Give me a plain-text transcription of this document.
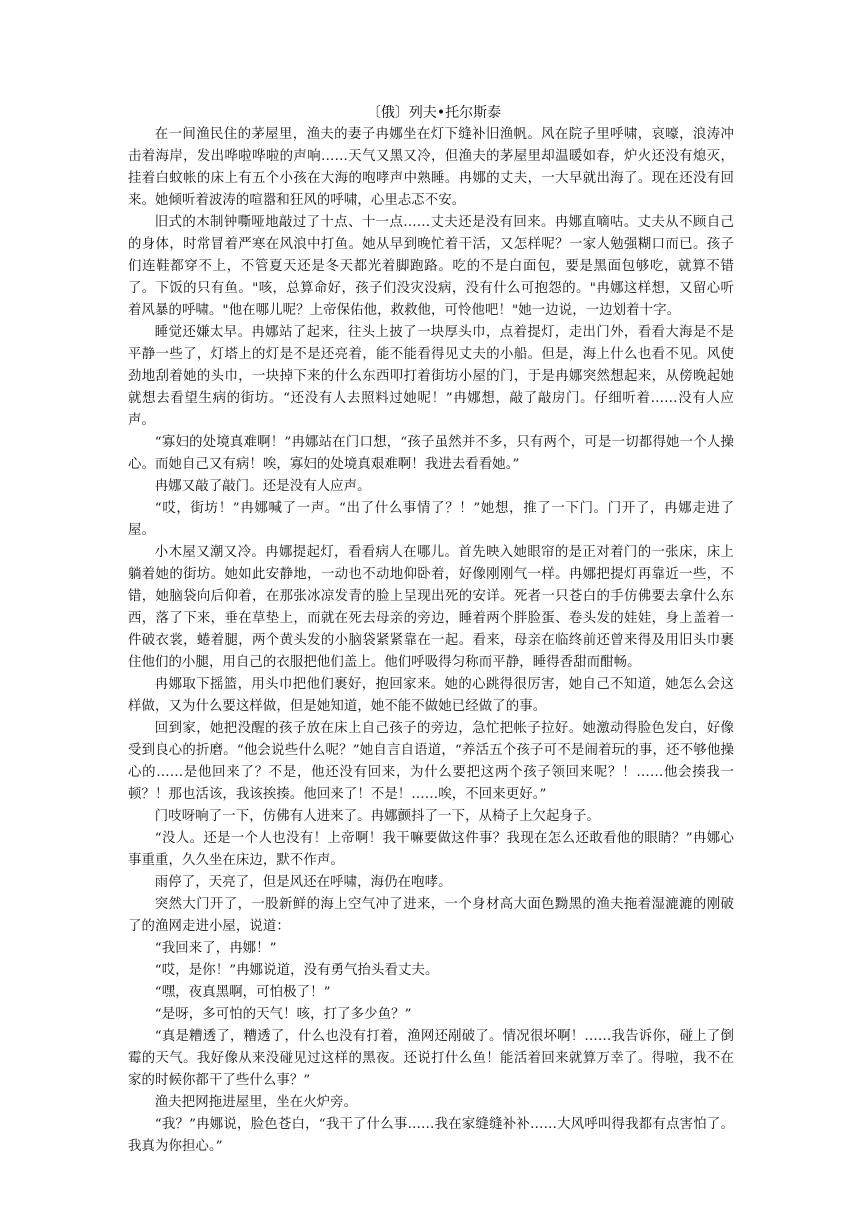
〔俄〕列夫•托尔斯泰

在一间渔民住的茅屋里，渔夫的妻子冉娜坐在灯下缝补旧渔帆。风在院子里呼啸，哀嚎，浪涛冲击着海岸，发出哗啦哗啦的声响……天气又黑又冷，但渔夫的茅屋里却温暖如春，炉火还没有熄灭，挂着白蚊帐的床上有五个小孩在大海的咆哮声中熟睡。冉娜的丈夫，一大早就出海了。现在还没有回来。她倾听着波涛的喧嚣和狂风的呼啸，心里忐忑不安。

旧式的木制钟嘶哑地敲过了十点、十一点……丈夫还是没有回来。冉娜直嘀咕。丈夫从不顾自己的身体，时常冒着严寒在风浪中打鱼。她从早到晚忙着干活，又怎样呢？一家人勉强糊口而已。孩子们连鞋都穿不上，不管夏天还是冬天都光着脚跑路。吃的不是白面包，要是黑面包够吃，就算不错了。下饭的只有鱼。"咳，总算命好，孩子们没灾没病，没有什么可抱怨的。"冉娜这样想，又留心听着风暴的呼啸。"他在哪儿呢？上帝保佑他，救救他，可怜他吧！"她一边说，一边划着十字。

睡觉还嫌太早。冉娜站了起来，往头上披了一块厚头巾，点着提灯，走出门外，看看大海是不是平静一些了，灯塔上的灯是不是还亮着，能不能看得见丈夫的小船。但是，海上什么也看不见。风使劲地刮着她的头巾，一块掉下来的什么东西叩打着街坊小屋的门，于是冉娜突然想起来，从傍晚起她就想去看望生病的街坊。“还没有人去照料过她呢！”冉娜想，敲了敲房门。仔细听着……没有人应声。

“寡妇的处境真难啊！”冉娜站在门口想，“孩子虽然并不多，只有两个，可是一切都得她一个人操心。而她自己又有病！唉，寡妇的处境真艰难啊！我进去看看她。”

冉娜又敲了敲门。还是没有人应声。

“哎，街坊！”冉娜喊了一声。“出了什么事情了？！”她想，推了一下门。门开了，冉娜走进了屋。

小木屋又潮又冷。冉娜提起灯，看看病人在哪儿。首先映入她眼帘的是正对着门的一张床，床上躺着她的街坊。她如此安静地，一动也不动地仰卧着，好像刚刚气一样。冉娜把提灯再靠近一些，不错，她脑袋向后仰着，在那张冰凉发青的脸上呈现出死的安详。死者一只苍白的手仿佛要去拿什么东西，落了下来，垂在草垫上，而就在死去母亲的旁边，睡着两个胖脸蛋、卷头发的娃娃，身上盖着一件破衣裳，蜷着腿，两个黄头发的小脑袋紧紧靠在一起。看来，母亲在临终前还曾来得及用旧头巾裹住他们的小腿，用自己的衣服把他们盖上。他们呼吸得匀称而平静，睡得香甜而酣畅。

冉娜取下摇篮，用头巾把他们裹好，抱回家来。她的心跳得很厉害，她自己不知道，她怎么会这样做，又为什么要这样做，但是她知道，她不能不做她已经做了的事。

回到家，她把没醒的孩子放在床上自己孩子的旁边，急忙把帐子拉好。她激动得脸色发白，好像受到良心的折磨。“他会说些什么呢？”她自言自语道，“养活五个孩子可不是闹着玩的事，还不够他操心的……是他回来了？不是，他还没有回来，为什么要把这两个孩子领回来呢？！……他会揍我一顿？！那也活该，我该挨揍。他回来了！不是！……唉，不回来更好。”

门吱呀响了一下，仿佛有人进来了。冉娜颤抖了一下，从椅子上欠起身子。

“没人。还是一个人也没有！上帝啊！我干嘛要做这件事？我现在怎么还敢看他的眼睛？”冉娜心事重重，久久坐在床边，默不作声。

雨停了，天亮了，但是风还在呼啸，海仍在咆哮。

突然大门开了，一股新鲜的海上空气冲了进来，一个身材高大面色黝黑的渔夫拖着湿漉漉的刚破了的渔网走进小屋，说道：

“我回来了，冉娜！”

“哎，是你！”冉娜说道，没有勇气抬头看丈夫。

“嘿，夜真黑啊，可怕极了！”

“是呀，多可怕的天气！咳，打了多少鱼？”

“真是糟透了，糟透了，什么也没有打着，渔网还剐破了。情况很坏啊！……我告诉你，碰上了倒霉的天气。我好像从来没碰见过这样的黑夜。还说打什么鱼！能活着回来就算万幸了。得啦，我不在家的时候你都干了些什么事？”

渔夫把网拖进屋里，坐在火炉旁。

“我？”冉娜说，脸色苍白，“我干了什么事……我在家缝缝补补……大风呼叫得我都有点害怕了。我真为你担心。”
